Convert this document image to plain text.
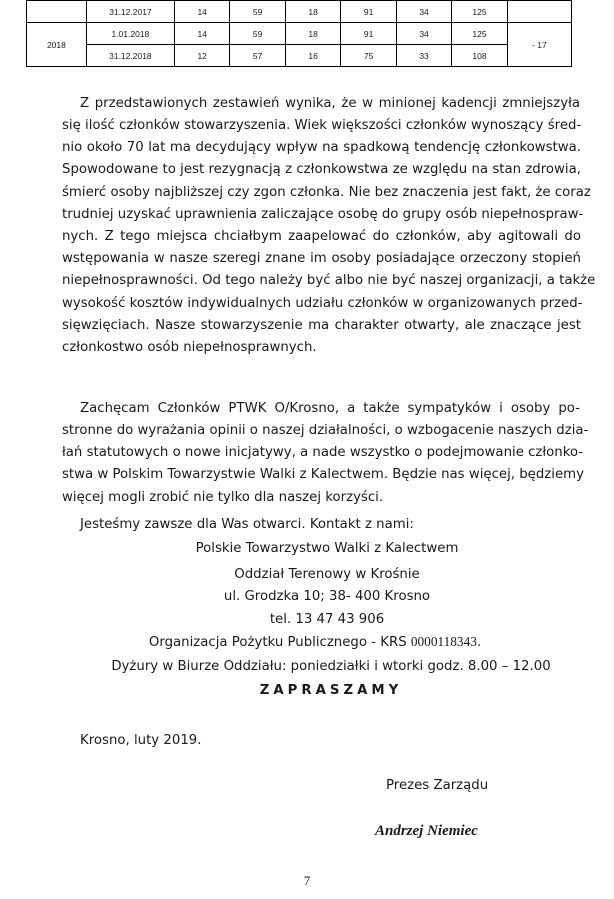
	31.12.2017	14	59	18	91	34	125	
2018	1.01.2018	14	59	18	91	34	125	- 17
	31.12.2018	12	57	16	75	33	108	
Z przedstawionych zestawień wynika, że w minionej kadencji zmniejszyła
się ilość członków stowarzyszenia. Wiek większości członków wynoszący śred-
nio około 70 lat ma decydujący wpływ na spadkową tendencję członkowstwa.
Spowodowane to jest rezygnacją z członkowstwa ze względu na stan zdrowia,
śmierć osoby najbliższej czy zgon członka. Nie bez znaczenia jest fakt, że coraz
trudniej uzyskać uprawnienia zaliczające osobę do grupy osób niepełnospraw-
nych. Z tego miejsca chciałbym zaapelować do członków, aby agitowali do
wstępowania w nasze szeregi znane im osoby posiadające orzeczony stopień
niepełnosprawności. Od tego należy być albo nie być naszej organizacji, a także
wysokość kosztów indywidualnych udziału członków w organizowanych przed-
sięwzięciach. Nasze stowarzyszenie ma charakter otwarty, ale znaczące jest
członkostwo osób niepełnosprawnych.
Zachęcam Członków PTWK O/Krosno, a także sympatyków i osoby po-
stronne do wyrażania opinii o naszej działalności, o wzbogacenie naszych dzia-
łań statutowych o nowe inicjatywy, a nade wszystko o podejmowanie członko-
stwa w Polskim Towarzystwie Walki z Kalectwem. Będzie nas więcej, będziemy
więcej mogli zrobić nie tylko dla naszej korzyści.
Jesteśmy zawsze dla Was otwarci. Kontakt z nami:
Polskie Towarzystwo Walki z Kalectwem
Oddział Terenowy w Krośnie
ul. Grodzka 10; 38- 400 Krosno
tel. 13 47 43 906
Organizacja Pożytku Publicznego - KRS 0000118343.
Dyżury w Biurze Oddziału: poniedziałki i wtorki godz. 8.00 – 12.00
ZAPRASZAMY
Krosno, luty 2019.
Prezes Zarządu
Andrzej Niemiec
7
